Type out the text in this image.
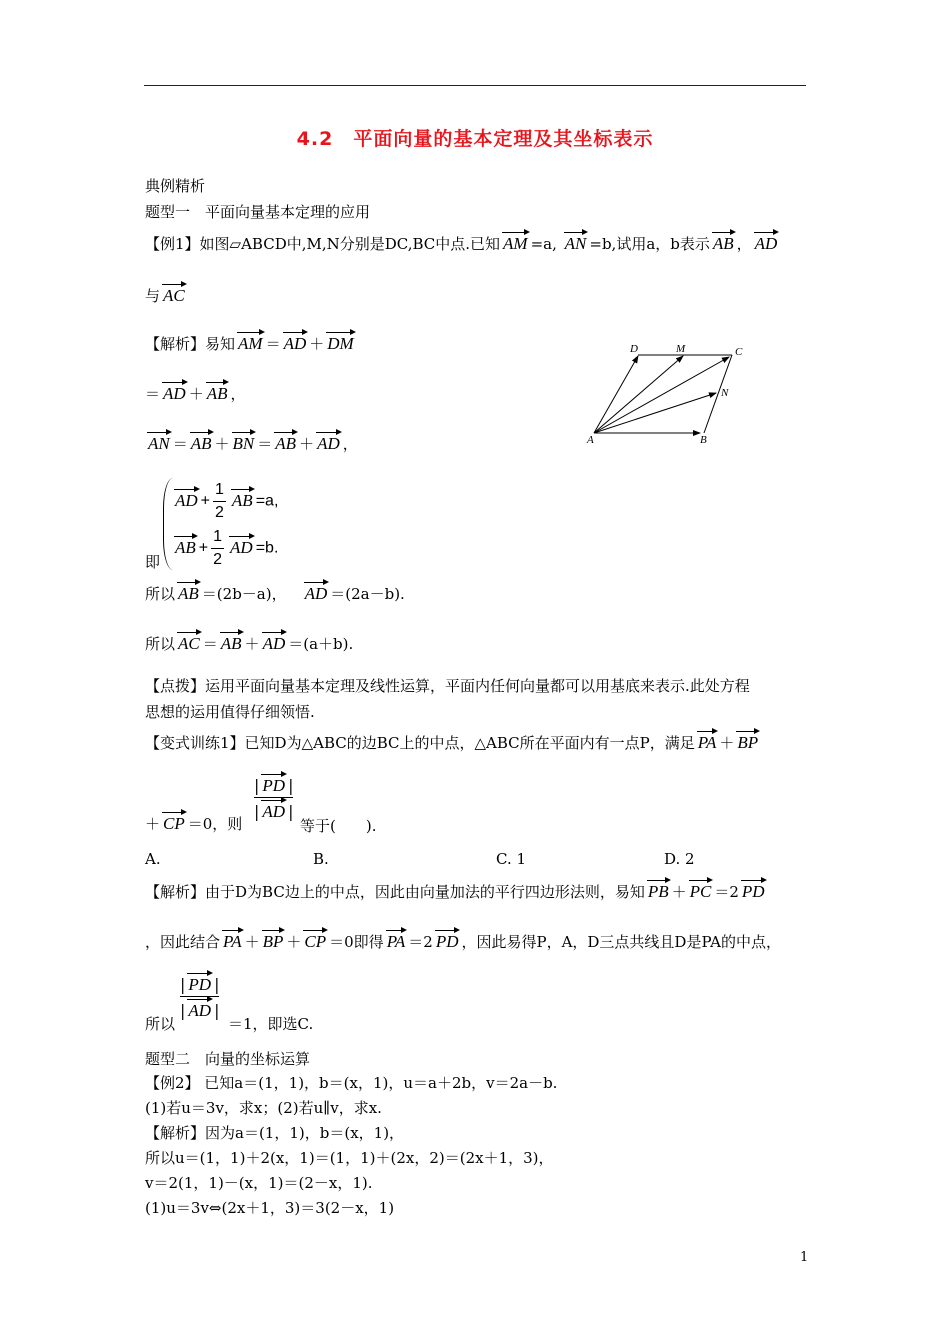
4.2　平面向量的基本定理及其坐标表示
典例精析
题型一　平面向量基本定理的应用
【例1】如图▱ABCD中,M,N分别是DC,BC中点.已知 AM =a, AN =b,试用a，b表示 AB ， AD
与 AC
【解析】易知 AM ＝ AD ＋ DM
＝ AD ＋ AB ，
AN ＝ AB ＋ BN ＝ AB ＋ AD ，
AD + $\frac{1}{2}$ AB =a,
AB + $\frac{1}{2}$ AD =b.
即
所以 AB ＝(2b－a)，  AD ＝(2a－b).
所以 AC ＝ AB ＋ AD ＝(a＋b).
【点拨】运用平面向量基本定理及线性运算，平面内任何向量都可以用基底来表示.此处方程
思想的运用值得仔细领悟.
【变式训练1】已知D为△ABC的边BC上的中点，△ABC所在平面内有一点P，满足 PA ＋ BP
＋ CP ＝0，则
| PD |
| AD |
等于(　　).
A.	B.	C. 1	D. 2
【解析】由于D为BC边上的中点，因此由向量加法的平行四边形法则，易知 PB ＋ PC ＝2 PD
，因此结合 PA ＋ BP ＋ CP ＝0即得 PA ＝2 PD ，因此易得P，A，D三点共线且D是PA的中点，
| PD |
| AD |
所以	＝1，即选C.
题型二　向量的坐标运算
【例2】 已知a＝(1，1)，b＝(x，1)，u＝a＋2b，v＝2a－b.
(1)若u＝3v，求x；(2)若u∥v，求x.
【解析】因为a＝(1，1)，b＝(x，1)，
所以u＝(1，1)＋2(x，1)＝(1，1)＋(2x，2)＝(2x＋1，3)，
v＝2(1，1)－(x，1)＝(2－x，1).
(1)u＝3v⇔(2x＋1，3)＝3(2－x，1)
D	M	C
N
A	B
1
